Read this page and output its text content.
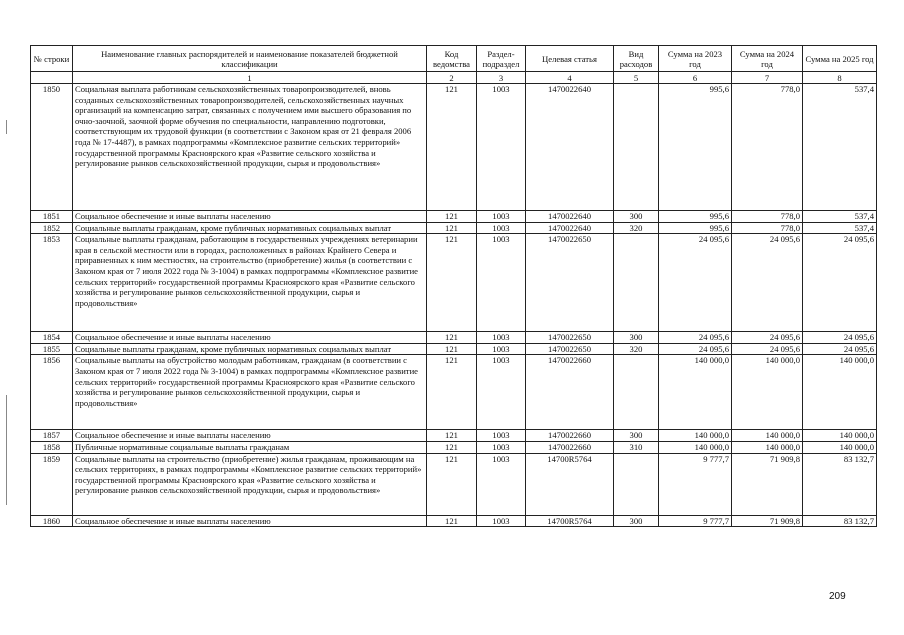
№ строки	Наименование главных распорядителей и наименование показателей бюджетной классификации	Код ведомства	Раздел-подраздел	Целевая статья	Вид расходов	Сумма на 2023 год	Сумма на 2024 год	Сумма на 2025 год
	1	2	3	4	5	6	7	8
1850	Социальная выплата работникам сельскохозяйственных товаропроизводителей, вновь созданных сельскохозяйственных товаропроизводителей, сельскохозяйственных научных организаций на компенсацию затрат, связанных с получением ими высшего образования по очно-заочной, заочной форме обучения по специальности, направлению подготовки, соответствующим их трудовой функции (в соответствии с Законом края от 21 февраля 2006 года № 17-4487), в рамках подпрограммы «Комплексное развитие сельских территорий» государственной программы Красноярского края «Развитие сельского хозяйства и регулирование рынков сельскохозяйственной продукции, сырья и продовольствия»	121	1003	1470022640		995,6	778,0	537,4
1851	Социальное обеспечение и иные выплаты населению	121	1003	1470022640	300	995,6	778,0	537,4
1852	Социальные выплаты гражданам, кроме публичных нормативных социальных выплат	121	1003	1470022640	320	995,6	778,0	537,4
1853	Социальные выплаты гражданам, работающим в государственных учреждениях ветеринарии края в сельской местности или в городах, расположенных в районах Крайнего Севера и приравненных к ним местностях, на строительство (приобретение) жилья (в соответствии с Законом края от 7 июля 2022 года № 3-1004) в рамках подпрограммы «Комплексное развитие сельских территорий» государственной программы Красноярского края «Развитие сельского хозяйства и регулирование рынков сельскохозяйственной продукции, сырья и продовольствия»	121	1003	1470022650		24 095,6	24 095,6	24 095,6
1854	Социальное обеспечение и иные выплаты населению	121	1003	1470022650	300	24 095,6	24 095,6	24 095,6
1855	Социальные выплаты гражданам, кроме публичных нормативных социальных выплат	121	1003	1470022650	320	24 095,6	24 095,6	24 095,6
1856	Социальные выплаты на обустройство молодым работникам, гражданам (в соответствии с Законом края от 7 июля 2022 года № 3-1004) в рамках подпрограммы «Комплексное развитие сельских территорий» государственной программы Красноярского края «Развитие сельского хозяйства и регулирование рынков сельскохозяйственной продукции, сырья и продовольствия»	121	1003	1470022660		140 000,0	140 000,0	140 000,0
1857	Социальное обеспечение и иные выплаты населению	121	1003	1470022660	300	140 000,0	140 000,0	140 000,0
1858	Публичные нормативные социальные выплаты гражданам	121	1003	1470022660	310	140 000,0	140 000,0	140 000,0
1859	Социальные выплаты на строительство (приобретение) жилья гражданам, проживающим на сельских территориях, в рамках подпрограммы «Комплексное развитие сельских территорий» государственной программы Красноярского края «Развитие сельского хозяйства и регулирование рынков сельскохозяйственной продукции, сырья и продовольствия»	121	1003	14700R5764		9 777,7	71 909,8	83 132,7
1860	Социальное обеспечение и иные выплаты населению	121	1003	14700R5764	300	9 777,7	71 909,8	83 132,7
209
